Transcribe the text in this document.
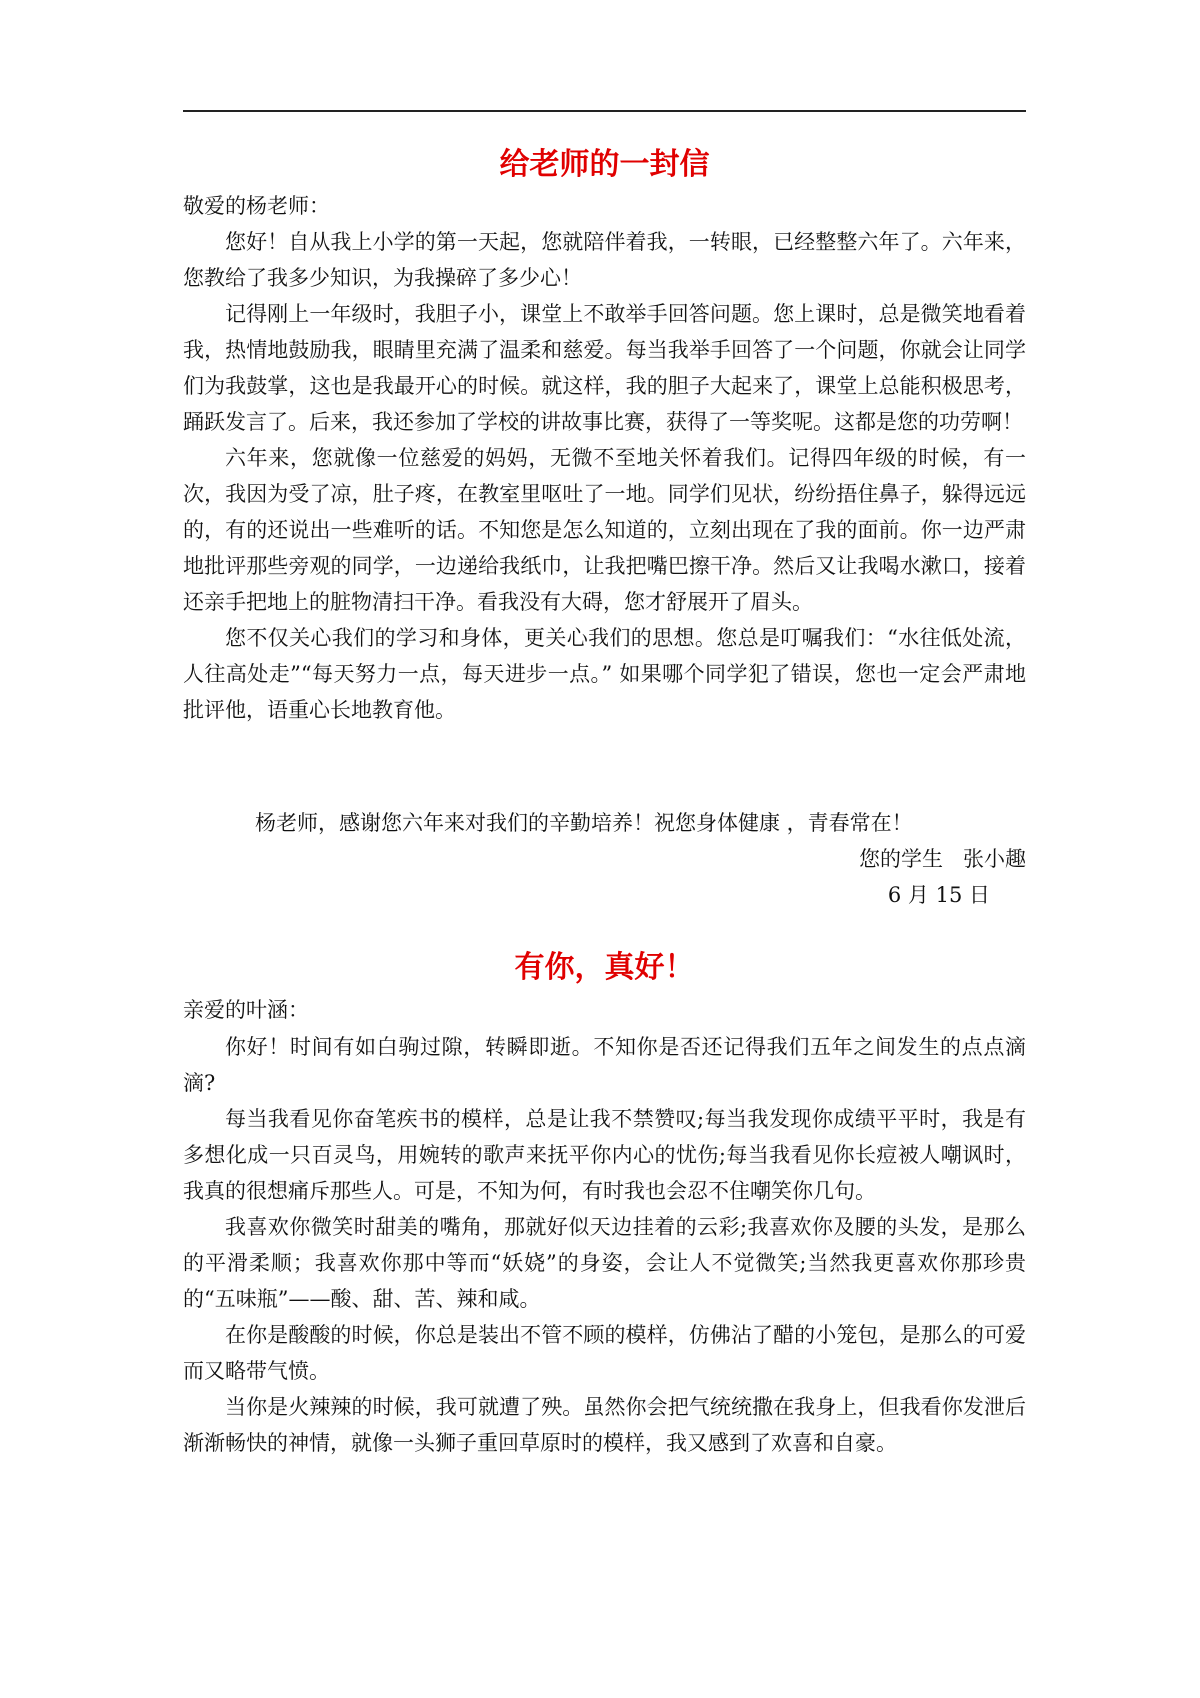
给老师的一封信

敬爱的杨老师：

您好！自从我上小学的第一天起，您就陪伴着我，一转眼，已经整整六年了。六年来，您教给了我多少知识，为我操碎了多少心！

记得刚上一年级时，我胆子小，课堂上不敢举手回答问题。您上课时，总是微笑地看着我，热情地鼓励我，眼睛里充满了温柔和慈爱。每当我举手回答了一个问题，你就会让同学们为我鼓掌，这也是我最开心的时候。就这样，我的胆子大起来了，课堂上总能积极思考，踊跃发言了。后来，我还参加了学校的讲故事比赛，获得了一等奖呢。这都是您的功劳啊！

六年来，您就像一位慈爱的妈妈，无微不至地关怀着我们。记得四年级的时候，有一次，我因为受了凉，肚子疼，在教室里呕吐了一地。同学们见状，纷纷捂住鼻子，躲得远远的，有的还说出一些难听的话。不知您是怎么知道的，立刻出现在了我的面前。你一边严肃地批评那些旁观的同学，一边递给我纸巾，让我把嘴巴擦干净。然后又让我喝水漱口，接着还亲手把地上的脏物清扫干净。看我没有大碍，您才舒展开了眉头。

您不仅关心我们的学习和身体，更关心我们的思想。您总是叮嘱我们：“水往低处流，人往高处走”“每天努力一点，每天进步一点。” 如果哪个同学犯了错误，您也一定会严肃地批评他，语重心长地教育他。

杨老师，感谢您六年来对我们的辛勤培养！祝您身体健康 ，青春常在！

您的学生   张小趣

6 月 15 日

有你，真好！

亲爱的叶涵：

你好！时间有如白驹过隙，转瞬即逝。不知你是否还记得我们五年之间发生的点点滴滴?

每当我看见你奋笔疾书的模样，总是让我不禁赞叹;每当我发现你成绩平平时，我是有多想化成一只百灵鸟，用婉转的歌声来抚平你内心的忧伤;每当我看见你长痘被人嘲讽时，我真的很想痛斥那些人。可是，不知为何，有时我也会忍不住嘲笑你几句。

我喜欢你微笑时甜美的嘴角，那就好似天边挂着的云彩;我喜欢你及腰的头发，是那么的平滑柔顺；我喜欢你那中等而“妖娆”的身姿，会让人不觉微笑;当然我更喜欢你那珍贵的“五味瓶”——酸、甜、苦、辣和咸。

在你是酸酸的时候，你总是装出不管不顾的模样，仿佛沾了醋的小笼包，是那么的可爱而又略带气愤。

当你是火辣辣的时候，我可就遭了殃。虽然你会把气统统撒在我身上，但我看你发泄后渐渐畅快的神情，就像一头狮子重回草原时的模样，我又感到了欢喜和自豪。
